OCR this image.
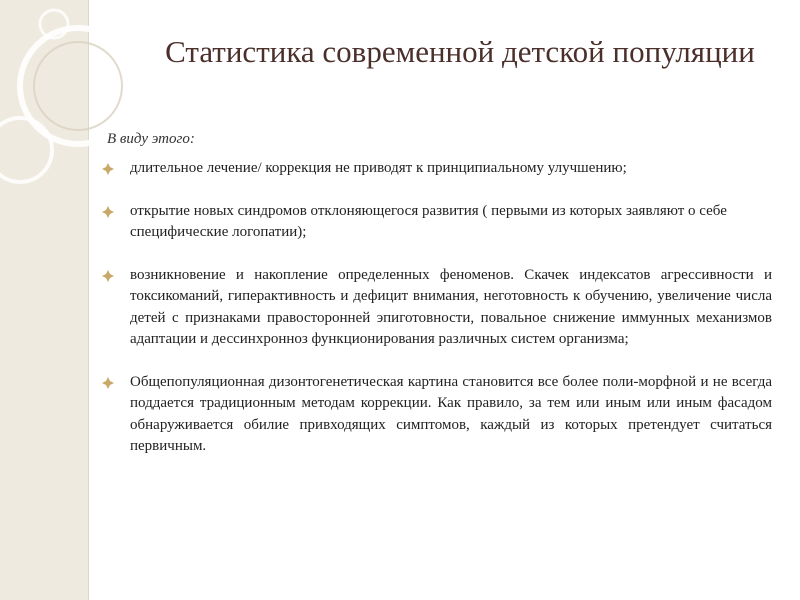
Статистика современной детской популяции
В виду этого:
длительное лечение/ коррекция не приводят к принципиальному улучшению;
открытие новых синдромов отклоняющегося развития ( первыми из которых заявляют о себе специфические логопатии);
возникновение и накопление определенных феноменов. Скачек индексатов агрессивности и токсикоманий, гиперактивность и дефицит внимания, неготовность к обучению, увеличение числа детей с признаками правосторонней эпиготовности, повальное снижение иммунных механизмов адаптации и дессинхронноз функционирования различных систем организма;
Общепопуляционная дизонтогенетическая картина становится все более поли-морфной и не всегда поддается традиционным методам коррекции. Как правило, за тем или иным или иным фасадом обнаруживается обилие привходящих симптомов, каждый из которых претендует считаться первичным.
